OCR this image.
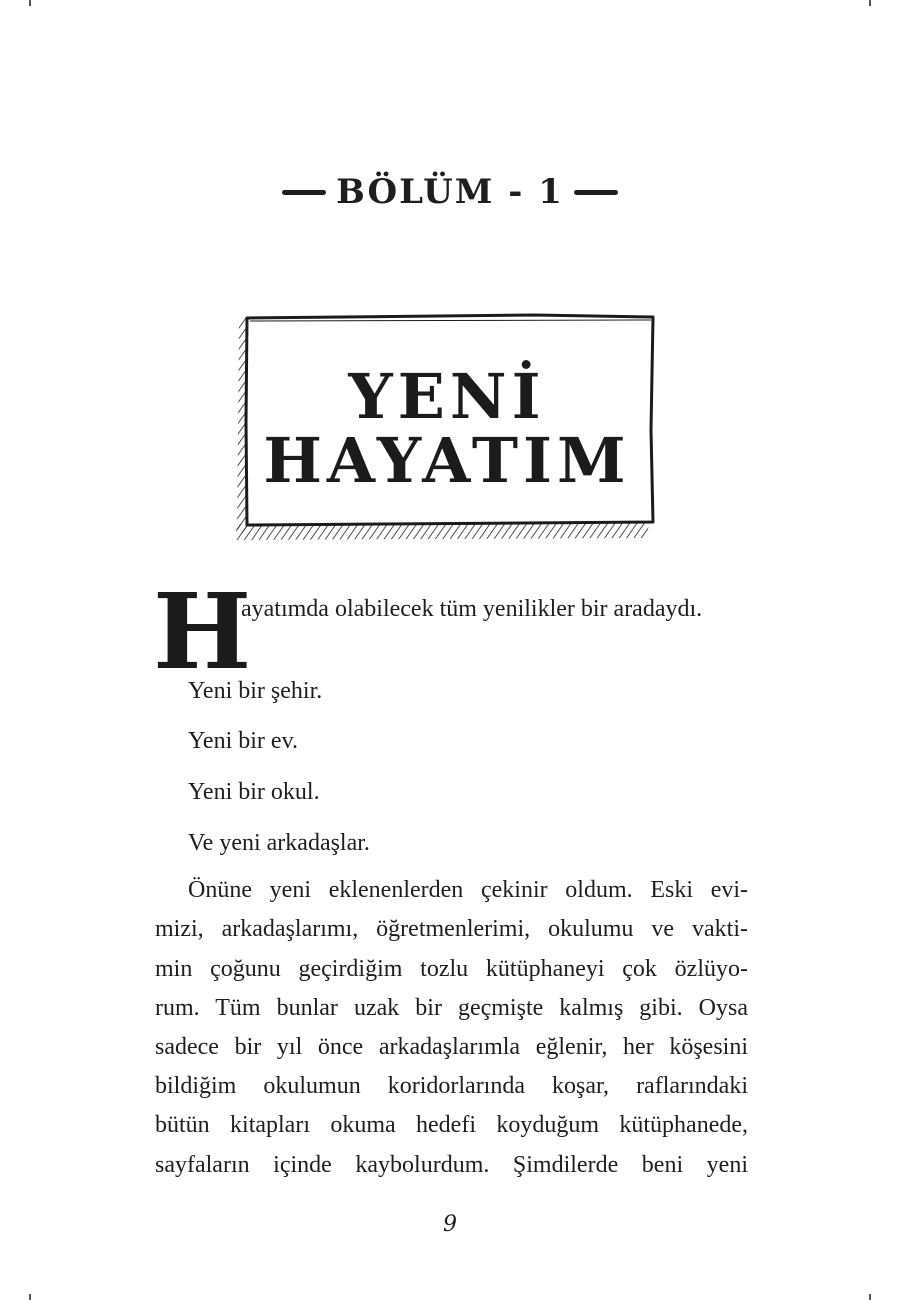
BÖLÜM - 1
YENİ
HAYATIM
H
ayatımda olabilecek tüm yenilikler bir aradaydı.
Yeni bir şehir.
Yeni bir ev.
Yeni bir okul.
Ve yeni arkadaşlar.
Önüne yeni eklenenlerden çekinir oldum. Eski evi-
mizi, arkadaşlarımı, öğretmenlerimi, okulumu ve vakti-
min çoğunu geçirdiğim tozlu kütüphaneyi çok özlüyo-
rum. Tüm bunlar uzak bir geçmişte kalmış gibi. Oysa
sadece bir yıl önce arkadaşlarımla eğlenir, her köşesini
bildiğim okulumun koridorlarında koşar, raflarındaki
bütün kitapları okuma hedefi koyduğum kütüphanede,
sayfaların içinde kaybolurdum. Şimdilerde beni yeni
9
